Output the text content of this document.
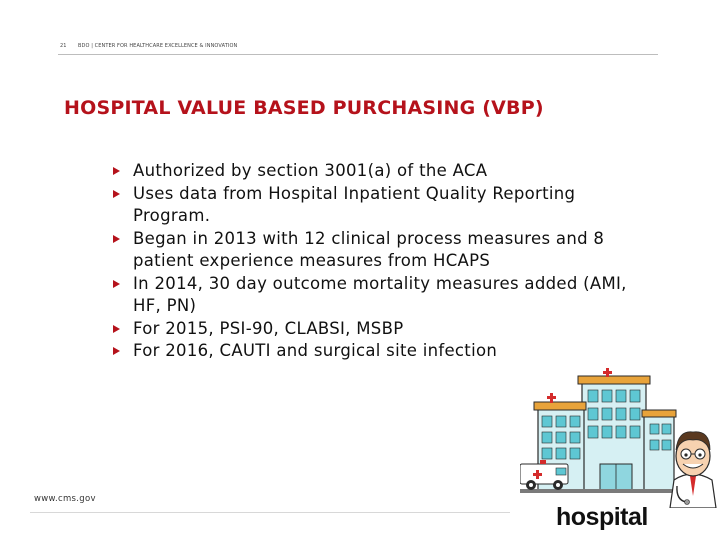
21 BDO | CENTER FOR HEALTHCARE EXCELLENCE & INNOVATION
HOSPITAL VALUE BASED PURCHASING (VBP)
Authorized by section 3001(a) of the ACA
Uses data from Hospital Inpatient Quality Reporting Program.
Began in 2013 with 12 clinical process measures and 8 patient experience measures from HCAPS
In 2014, 30 day outcome mortality measures added (AMI, HF, PN)
For 2015, PSI-90, CLABSI, MSBP
For 2016, CAUTI and surgical site infection
www.cms.gov
hospital
